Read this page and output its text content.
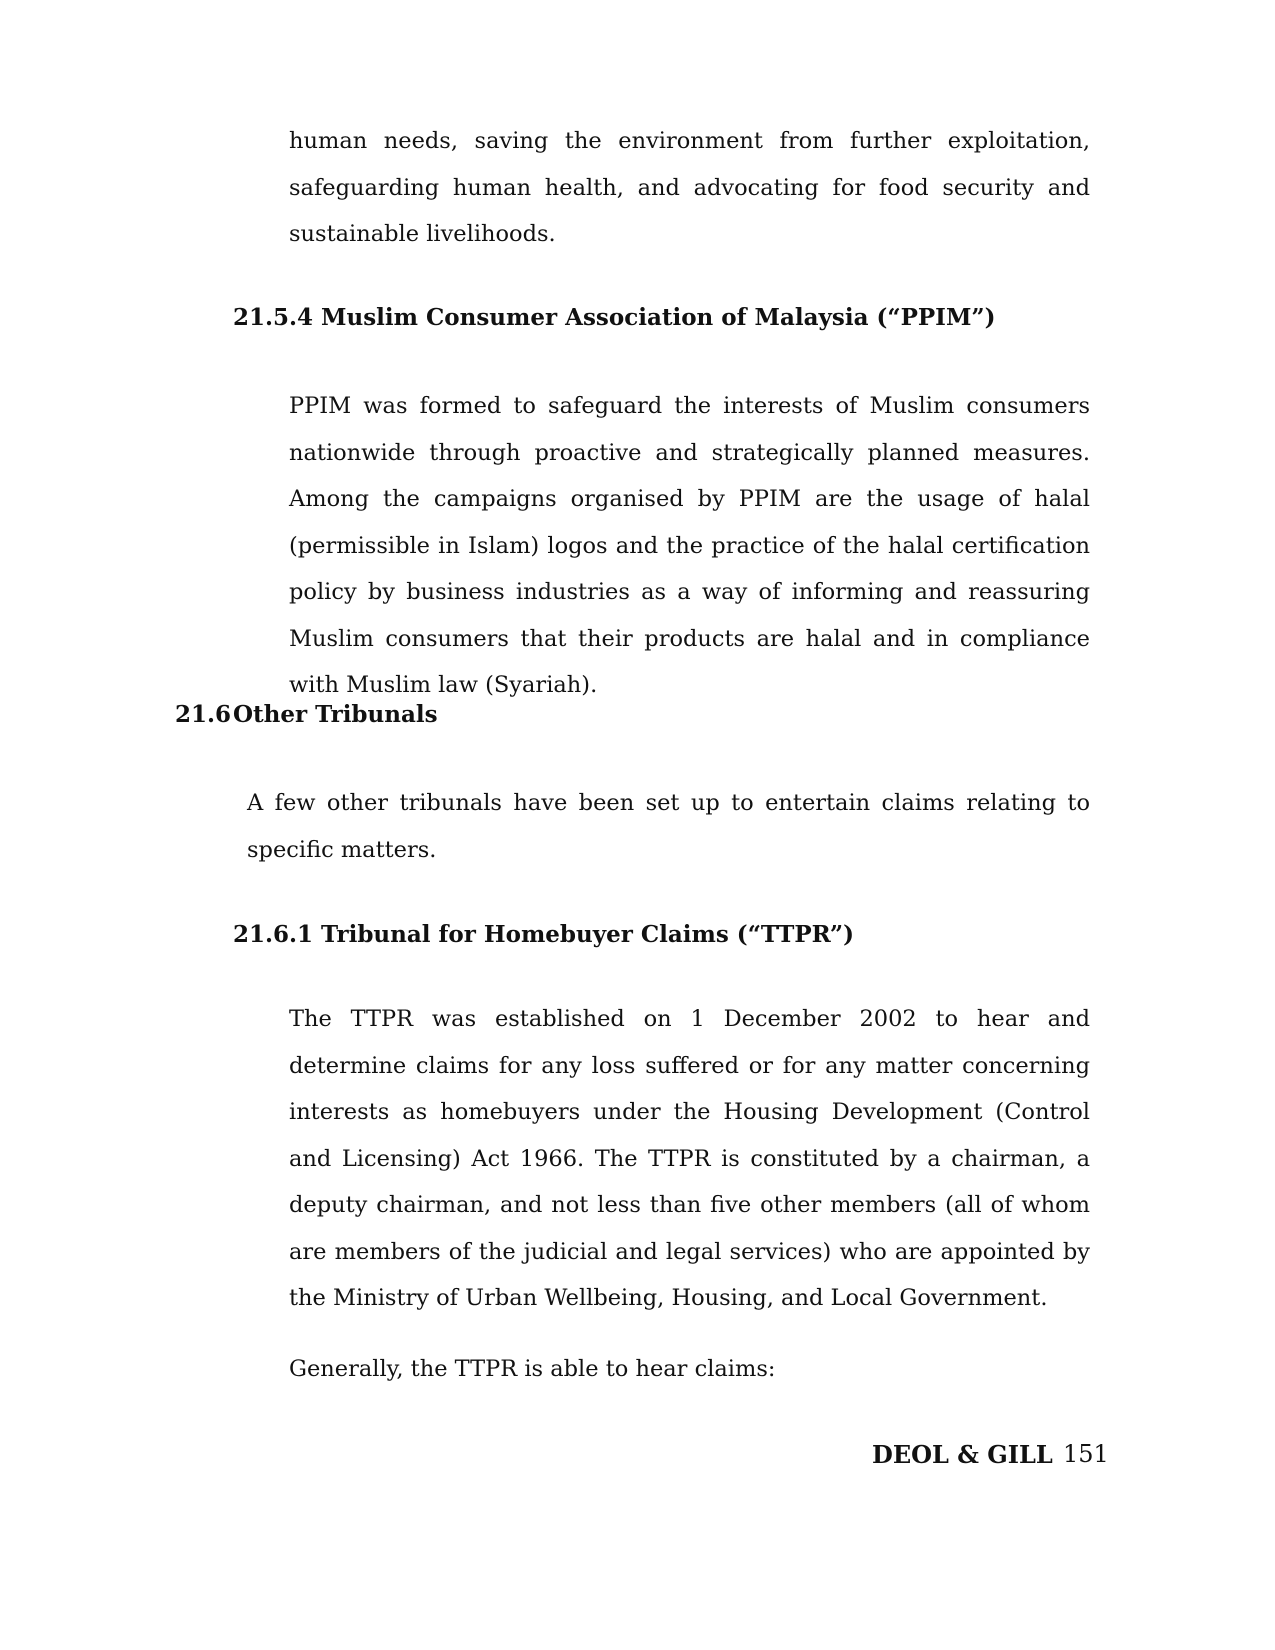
human needs, saving the environment from further exploitation, safeguarding human health, and advocating for food security and sustainable livelihoods.

21.5.4 Muslim Consumer Association of Malaysia (“PPIM”)

PPIM was formed to safeguard the interests of Muslim consumers nationwide through proactive and strategically planned measures. Among the campaigns organised by PPIM are the usage of halal (permissible in Islam) logos and the practice of the halal certification policy by business industries as a way of informing and reassuring Muslim consumers that their products are halal and in compliance with Muslim law (Syariah).

21.6Other Tribunals

A few other tribunals have been set up to entertain claims relating to specific matters.

21.6.1 Tribunal for Homebuyer Claims (“TTPR”)

The TTPR was established on 1 December 2002 to hear and determine claims for any loss suffered or for any matter concerning interests as homebuyers under the Housing Development (Control and Licensing) Act 1966. The TTPR is constituted by a chairman, a deputy chairman, and not less than five other members (all of whom are members of the judicial and legal services) who are appointed by the Ministry of Urban Wellbeing, Housing, and Local Government.

Generally, the TTPR is able to hear claims:

DEOL & GILL 151
